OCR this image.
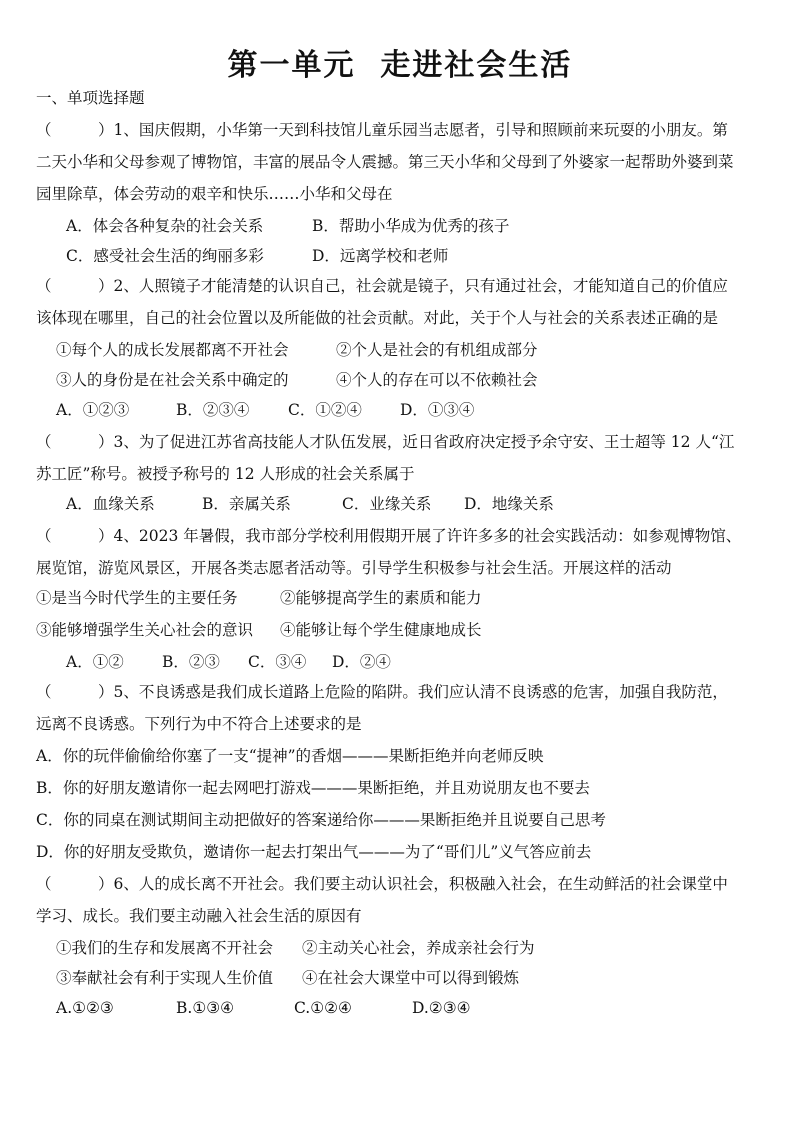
第一单元  走进社会生活
一、单项选择题
（　　　）1、国庆假期，小华第一天到科技馆儿童乐园当志愿者，引导和照顾前来玩耍的小朋友。第
二天小华和父母参观了博物馆，丰富的展品令人震撼。第三天小华和父母到了外婆家一起帮助外婆到菜
园里除草，体会劳动的艰辛和快乐……小华和父母在
A．体会各种复杂的社会关系	B．帮助小华成为优秀的孩子
C．感受社会生活的绚丽多彩	D．远离学校和老师
（　　　）2、人照镜子才能清楚的认识自己，社会就是镜子，只有通过社会，才能知道自己的价值应
该体现在哪里，自己的社会位置以及所能做的社会贡献。对此，关于个人与社会的关系表述正确的是
①每个人的成长发展都离不开社会	②个人是社会的有机组成部分
③人的身份是在社会关系中确定的	④个人的存在可以不依赖社会
A．①②③	B．②③④	C．①②④	D．①③④
（　　　）3、为了促进江苏省高技能人才队伍发展，近日省政府决定授予余守安、王士超等 12 人“江
苏工匠”称号。被授予称号的 12 人形成的社会关系属于
A．血缘关系	B．亲属关系	C．业缘关系	D．地缘关系
（　　　）4、2023 年暑假，我市部分学校利用假期开展了许许多多的社会实践活动：如参观博物馆、
展览馆，游览风景区，开展各类志愿者活动等。引导学生积极参与社会生活。开展这样的活动
①是当今时代学生的主要任务	②能够提高学生的素质和能力
③能够增强学生关心社会的意识	④能够让每个学生健康地成长
A．①②	B．②③	C．③④	D．②④
（　　　）5、不良诱惑是我们成长道路上危险的陷阱。我们应认清不良诱惑的危害，加强自我防范，
远离不良诱惑。下列行为中不符合上述要求的是
A．你的玩伴偷偷给你塞了一支“提神”的香烟———果断拒绝并向老师反映
B．你的好朋友邀请你一起去网吧打游戏———果断拒绝，并且劝说朋友也不要去
C．你的同桌在测试期间主动把做好的答案递给你———果断拒绝并且说要自己思考
D．你的好朋友受欺负，邀请你一起去打架出气———为了“哥们儿”义气答应前去
（　　　）6、人的成长离不开社会。我们要主动认识社会，积极融入社会，在生动鲜活的社会课堂中
学习、成长。我们要主动融入社会生活的原因有
①我们的生存和发展离不开社会	②主动关心社会，养成亲社会行为
③奉献社会有利于实现人生价值	④在社会大课堂中可以得到锻炼
A.①②③	B.①③④	C.①②④	D.②③④
